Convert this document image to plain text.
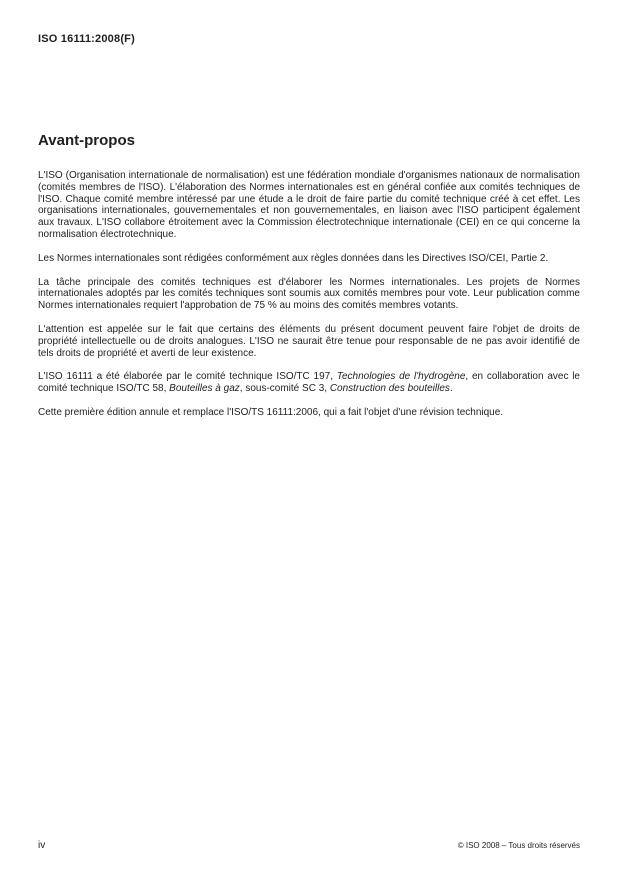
ISO 16111:2008(F)
Avant-propos

L'ISO (Organisation internationale de normalisation) est une fédération mondiale d'organismes nationaux de normalisation (comités membres de l'ISO). L'élaboration des Normes internationales est en général confiée aux comités techniques de l'ISO. Chaque comité membre intéressé par une étude a le droit de faire partie du comité technique créé à cet effet. Les organisations internationales, gouvernementales et non gouvernementales, en liaison avec l'ISO participent également aux travaux. L'ISO collabore étroitement avec la Commission électrotechnique internationale (CEI) en ce qui concerne la normalisation électrotechnique.

Les Normes internationales sont rédigées conformément aux règles données dans les Directives ISO/CEI, Partie 2.

La tâche principale des comités techniques est d'élaborer les Normes internationales. Les projets de Normes internationales adoptés par les comités techniques sont soumis aux comités membres pour vote. Leur publication comme Normes internationales requiert l'approbation de 75 % au moins des comités membres votants.

L'attention est appelée sur le fait que certains des éléments du présent document peuvent faire l'objet de droits de propriété intellectuelle ou de droits analogues. L'ISO ne saurait être tenue pour responsable de ne pas avoir identifié de tels droits de propriété et averti de leur existence.

L'ISO 16111 a été élaborée par le comité technique ISO/TC 197, Technologies de l'hydrogène, en collaboration avec le comité technique ISO/TC 58, Bouteilles à gaz, sous-comité SC 3, Construction des bouteilles.

Cette première édition annule et remplace l'ISO/TS 16111:2006, qui a fait l'objet d'une révision technique.

iv	© ISO 2008 – Tous droits réservés
